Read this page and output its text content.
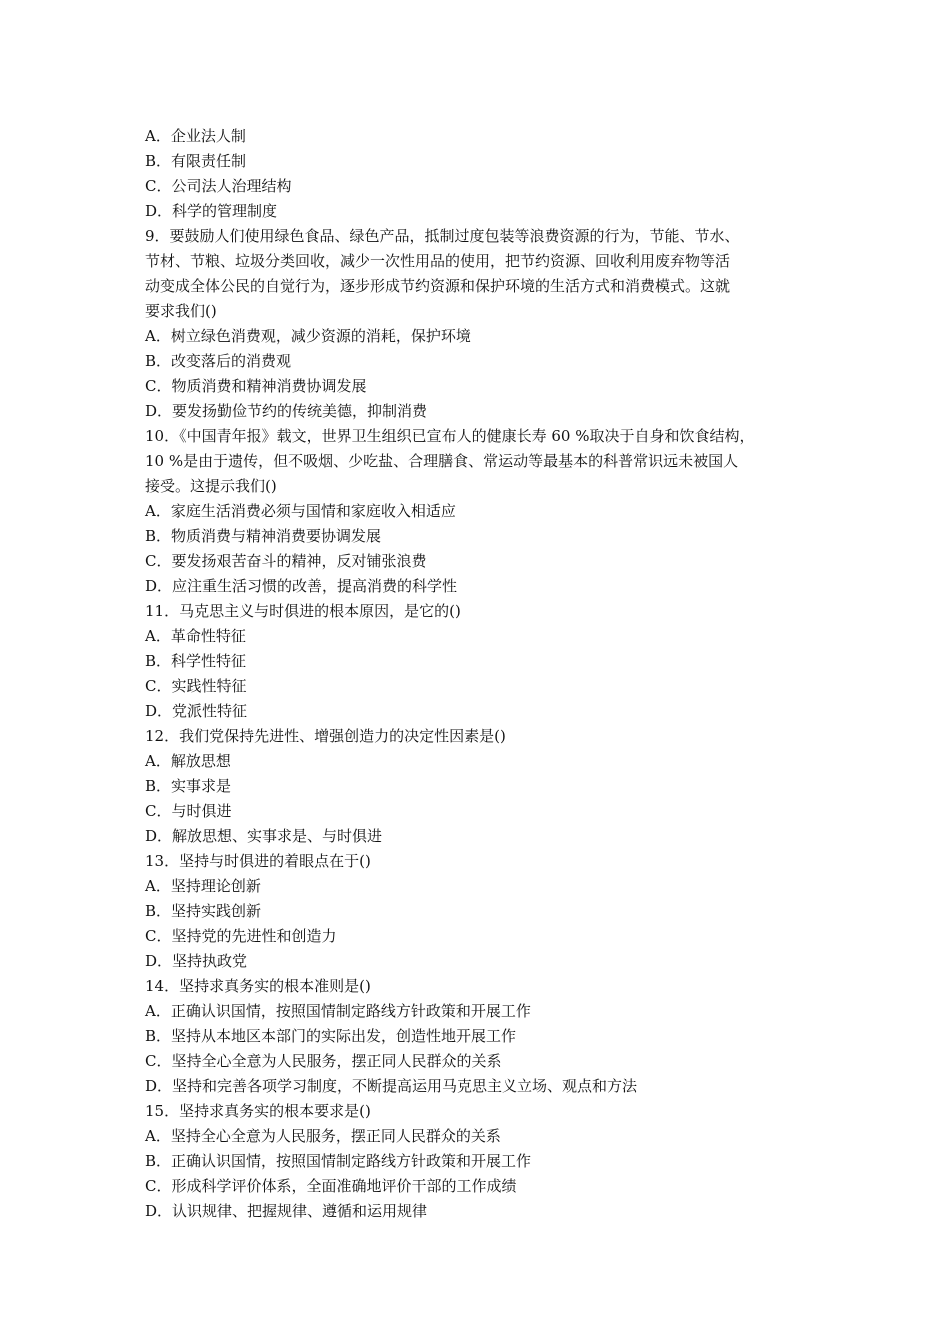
A．企业法人制
B．有限责任制
C．公司法人治理结构
D．科学的管理制度
9．要鼓励人们使用绿色食品、绿色产品，抵制过度包装等浪费资源的行为，节能、节水、
节材、节粮、垃圾分类回收，减少一次性用品的使用，把节约资源、回收利用废弃物等活
动变成全体公民的自觉行为，逐步形成节约资源和保护环境的生活方式和消费模式。这就
要求我们()
A．树立绿色消费观，减少资源的消耗，保护环境
B．改变落后的消费观
C．物质消费和精神消费协调发展
D．要发扬勤俭节约的传统美德，抑制消费
10．《中国青年报》载文，世界卫生组织已宣布人的健康长寿 60 %取决于自身和饮食结构，
10 %是由于遗传，但不吸烟、少吃盐、合理膳食、常运动等最基本的科普常识远未被国人
接受。这提示我们()
A．家庭生活消费必须与国情和家庭收入相适应
B．物质消费与精神消费要协调发展
C．要发扬艰苦奋斗的精神，反对铺张浪费
D．应注重生活习惯的改善，提高消费的科学性
11．马克思主义与时俱进的根本原因，是它的()
A．革命性特征
B．科学性特征
C．实践性特征
D．党派性特征
12．我们党保持先进性、增强创造力的决定性因素是()
A．解放思想
B．实事求是
C．与时俱进
D．解放思想、实事求是、与时俱进
13．坚持与时俱进的着眼点在于()
A．坚持理论创新
B．坚持实践创新
C．坚持党的先进性和创造力
D．坚持执政党
14．坚持求真务实的根本准则是()
A．正确认识国情，按照国情制定路线方针政策和开展工作
B．坚持从本地区本部门的实际出发，创造性地开展工作
C．坚持全心全意为人民服务，摆正同人民群众的关系
D．坚持和完善各项学习制度，不断提高运用马克思主义立场、观点和方法
15．坚持求真务实的根本要求是()
A．坚持全心全意为人民服务，摆正同人民群众的关系
B．正确认识国情，按照国情制定路线方针政策和开展工作
C．形成科学评价体系，全面准确地评价干部的工作成绩
D．认识规律、把握规律、遵循和运用规律
